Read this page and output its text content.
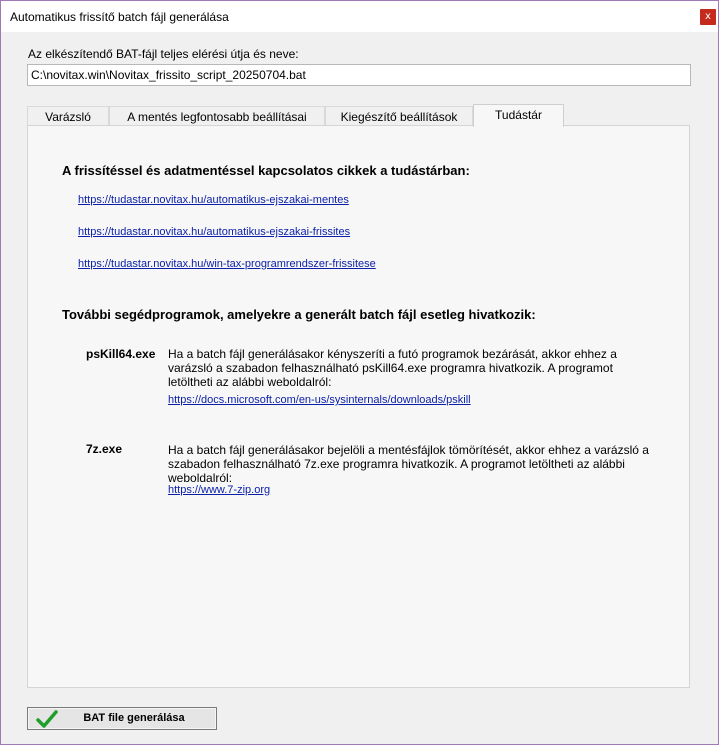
Automatikus frissítő batch fájl generálása	x
Az elkészítendő BAT-fájl teljes elérési útja és neve:
C:\novitax.win\Novitax_frissito_script_20250704.bat
Varázsló	A mentés legfontosabb beállításai	Kiegészítő beállítások	Tudástár
A frissítéssel és adatmentéssel kapcsolatos cikkek a tudástárban:
https://tudastar.novitax.hu/automatikus-ejszakai-mentes
https://tudastar.novitax.hu/automatikus-ejszakai-frissites
https://tudastar.novitax.hu/win-tax-programrendszer-frissitese
További segédprogramok, amelyekre a generált batch fájl esetleg hivatkozik:
psKill64.exe Ha a batch fájl generálásakor kényszeríti a futó programok bezárását, akkor ehhez a varázsló a szabadon felhasználható psKill64.exe programra hivatkozik. A programot letöltheti az alábbi weboldalról:
https://docs.microsoft.com/en-us/sysinternals/downloads/pskill
7z.exe	Ha a batch fájl generálásakor bejelöli a mentésfájlok tömörítését, akkor ehhez a varázsló a szabadon felhasználható 7z.exe programra hivatkozik. A programot letöltheti az alábbi weboldalról:
https://www.7-zip.org
BAT file generálása
